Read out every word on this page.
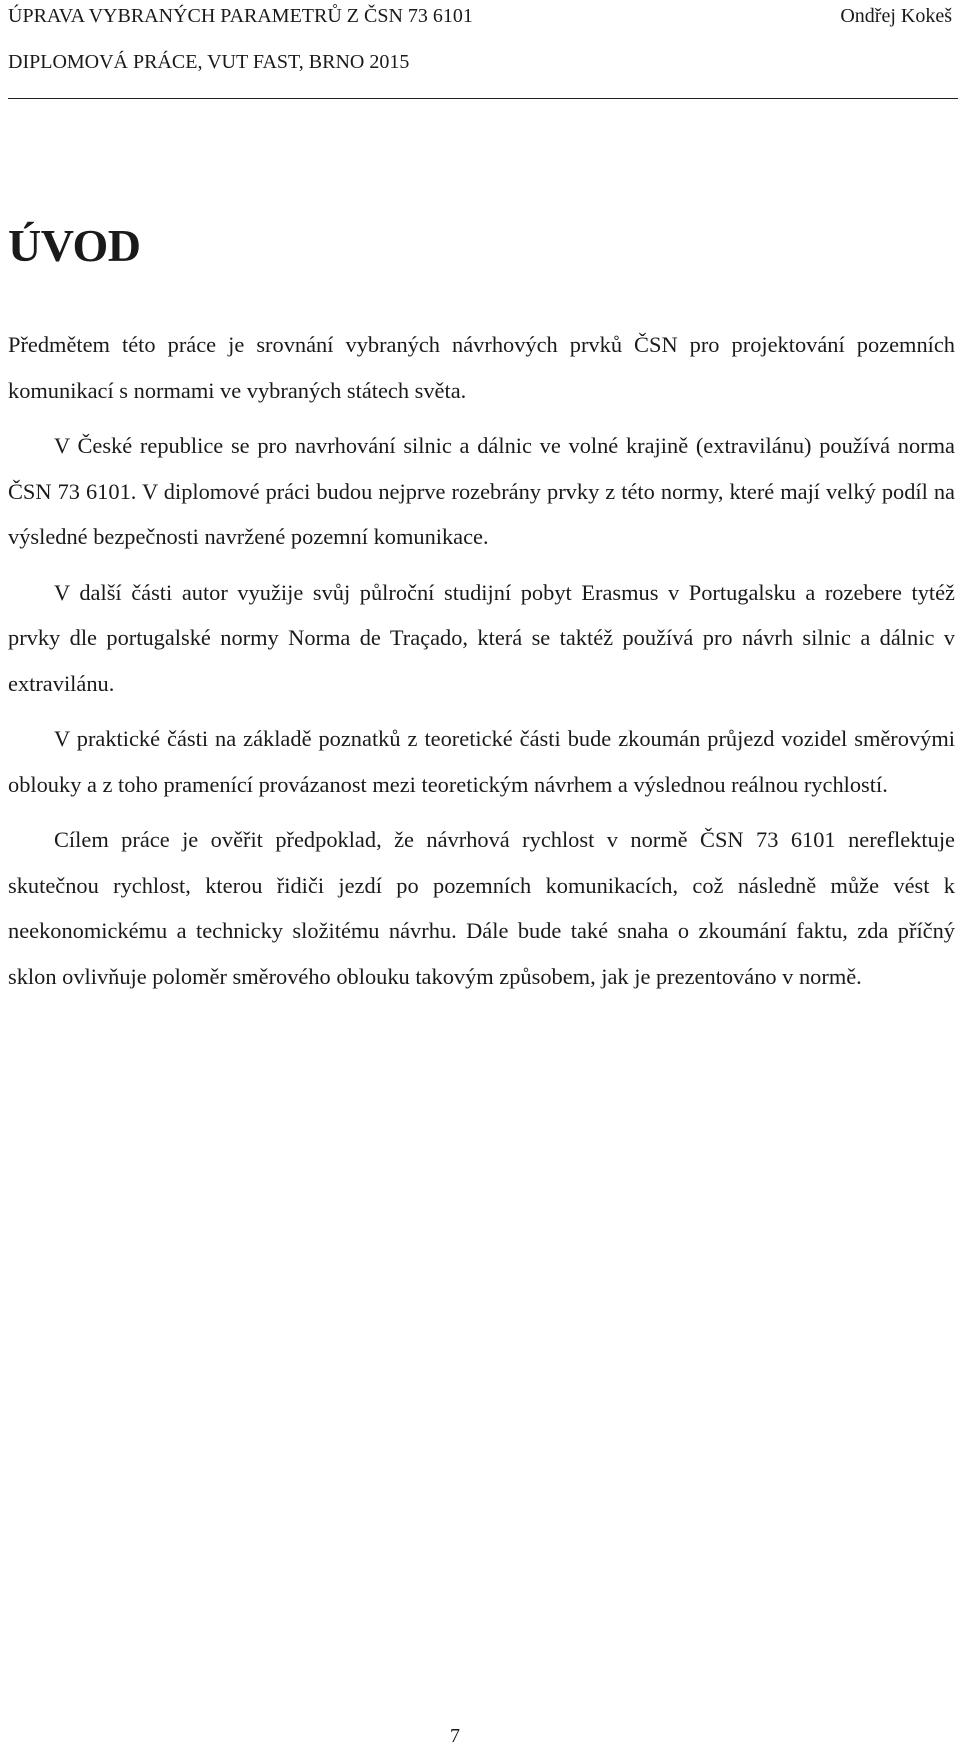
ÚPRAVA VYBRANÝCH PARAMETRŮ Z ČSN 73 6101	Ondřej Kokeš
DIPLOMOVÁ PRÁCE, VUT FAST, BRNO 2015
ÚVOD

Předmětem této práce je srovnání vybraných návrhových prvků ČSN pro projektování pozemních komunikací s normami ve vybraných státech světa.

V České republice se pro navrhování silnic a dálnic ve volné krajině (extravilánu) používá norma ČSN 73 6101. V diplomové práci budou nejprve rozebrány prvky z této normy, které mají velký podíl na výsledné bezpečnosti navržené pozemní komunikace.

V další části autor využije svůj půlroční studijní pobyt Erasmus v Portugalsku a rozebere tytéž prvky dle portugalské normy Norma de Traçado, která se taktéž používá pro návrh silnic a dálnic v extravilánu.

V praktické části na základě poznatků z teoretické části bude zkoumán průjezd vozidel směrovými oblouky a z toho pramenící provázanost mezi teoretickým návrhem a výslednou reálnou rychlostí.

Cílem práce je ověřit předpoklad, že návrhová rychlost v normě ČSN 73 6101 nereflektuje skutečnou rychlost, kterou řidiči jezdí po pozemních komunikacích, což následně může vést k neekonomickému a technicky složitému návrhu. Dále bude také snaha o zkoumání faktu, zda příčný sklon ovlivňuje poloměr směrového oblouku takovým způsobem, jak je prezentováno v normě.

7
